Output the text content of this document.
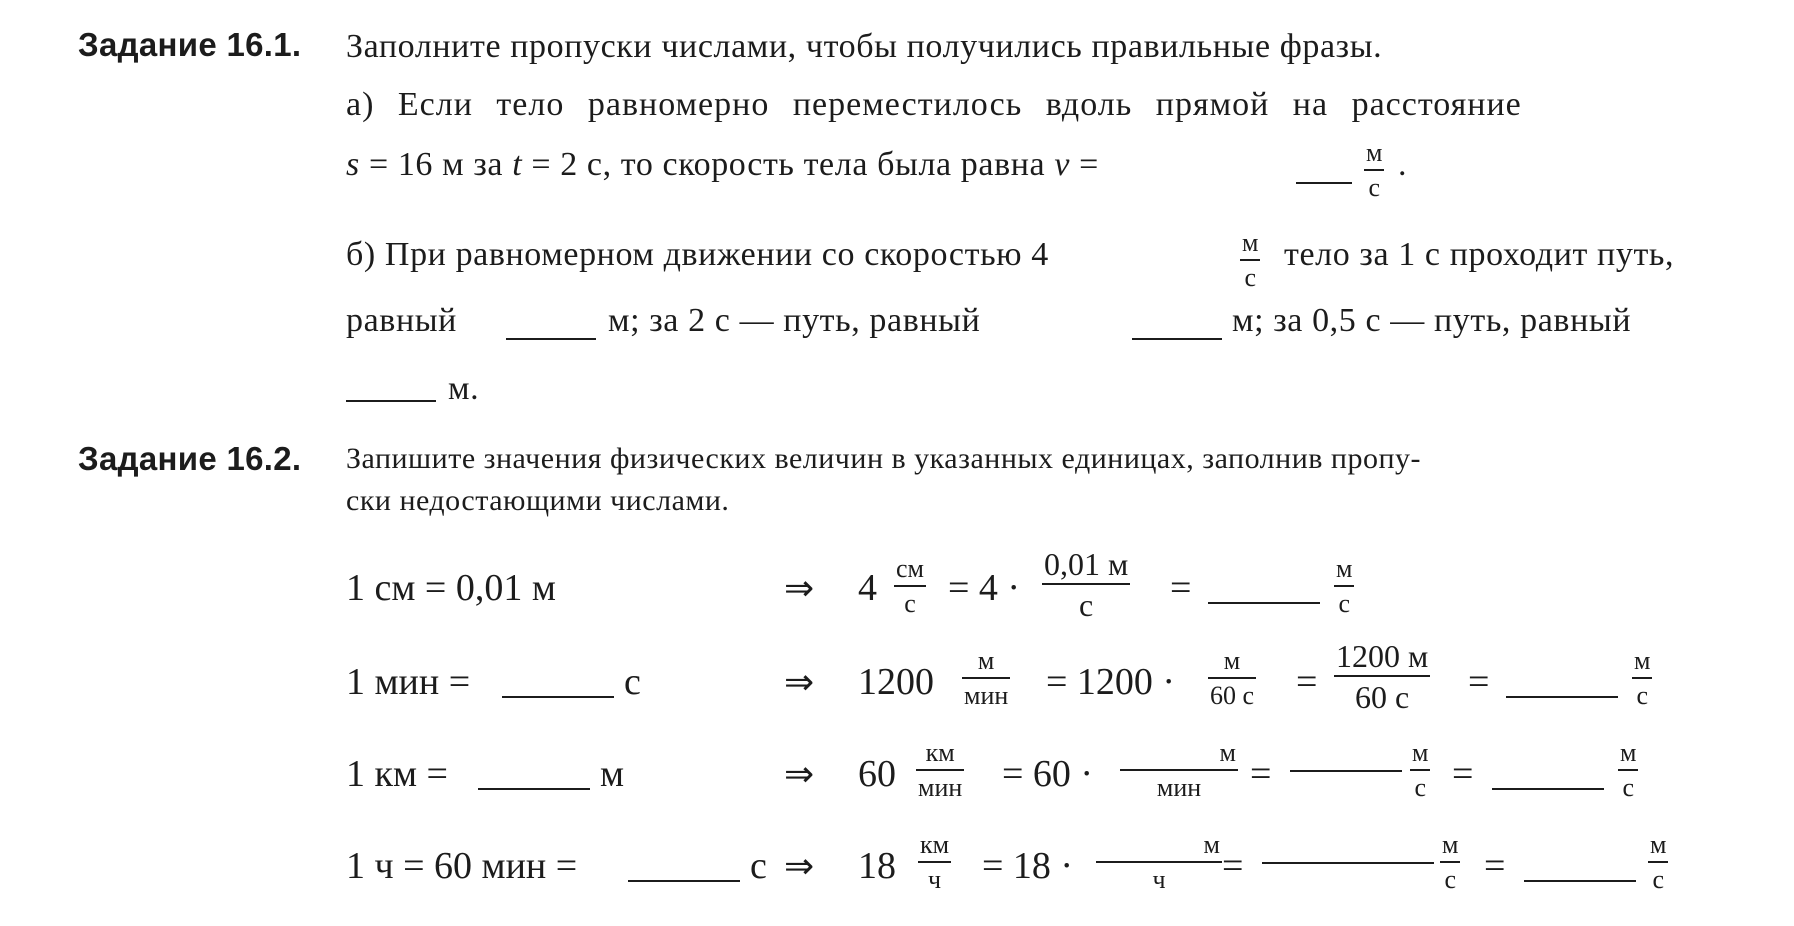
Задание 16.1. Заполните пропуски числами, чтобы получились правильные фразы.
а) Если тело равномерно переместилось вдоль прямой на расстояние
s = 16 м за t = 2 с, то скорость тела была равна v =	м
с
.
б) При равномерном движении со скоростью 4	м
с
тело за 1 с проходит путь,
равный	м; за 2 с — путь, равный	м; за 0,5 с — путь, равный
м.
Задание 16.2. Запишите значения физических величин в указанных единицах, заполнив пропу-
ски недостающими числами.
1 см = 0,01 м	⇒ 4 см
с = 4 ·
0,01 м
с =	м
с
1 мин =	с	⇒ 1200
м
мин = 1200 ·
м
60 с =
1200 м
60 с =
м
с
1 км =	м	⇒ 60
км
мин = 60 ·
м
мин =
м
с =
м
с
1 ч = 60 мин =	с ⇒ 18
км
ч = 18 ·
м
ч =
м
с =
м
с
